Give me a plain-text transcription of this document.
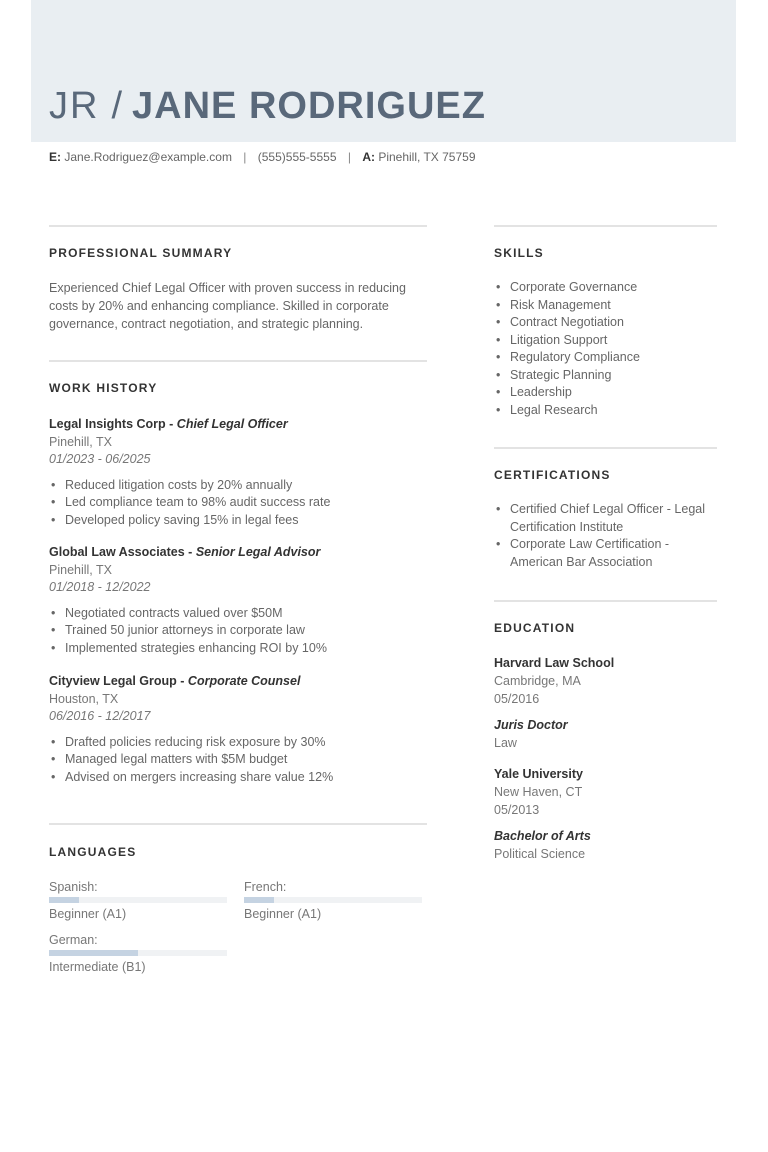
JR / JANE RODRIGUEZ
E: Jane.Rodriguez@example.com | (555)555-5555 | A: Pinehill, TX 75759
PROFESSIONAL SUMMARY
Experienced Chief Legal Officer with proven success in reducing
costs by 20% and enhancing compliance. Skilled in corporate
governance, contract negotiation, and strategic planning.
WORK HISTORY
Legal Insights Corp - Chief Legal Officer
Pinehill, TX
01/2023 - 06/2025
• Reduced litigation costs by 20% annually
• Led compliance team to 98% audit success rate
• Developed policy saving 15% in legal fees
Global Law Associates - Senior Legal Advisor
Pinehill, TX
01/2018 - 12/2022
• Negotiated contracts valued over $50M
• Trained 50 junior attorneys in corporate law
• Implemented strategies enhancing ROI by 10%
Cityview Legal Group - Corporate Counsel
Houston, TX
06/2016 - 12/2017
• Drafted policies reducing risk exposure by 30%
• Managed legal matters with $5M budget
• Advised on mergers increasing share value 12%
LANGUAGES
Spanish:
Beginner (A1)
French:
Beginner (A1)
German:
Intermediate (B1)
SKILLS
• Corporate Governance
• Risk Management
• Contract Negotiation
• Litigation Support
• Regulatory Compliance
• Strategic Planning
• Leadership
• Legal Research
CERTIFICATIONS
• Certified Chief Legal Officer - Legal
Certification Institute
• Corporate Law Certification -
American Bar Association
EDUCATION
Harvard Law School
Cambridge, MA
05/2016
Juris Doctor
Law
Yale University
New Haven, CT
05/2013
Bachelor of Arts
Political Science
